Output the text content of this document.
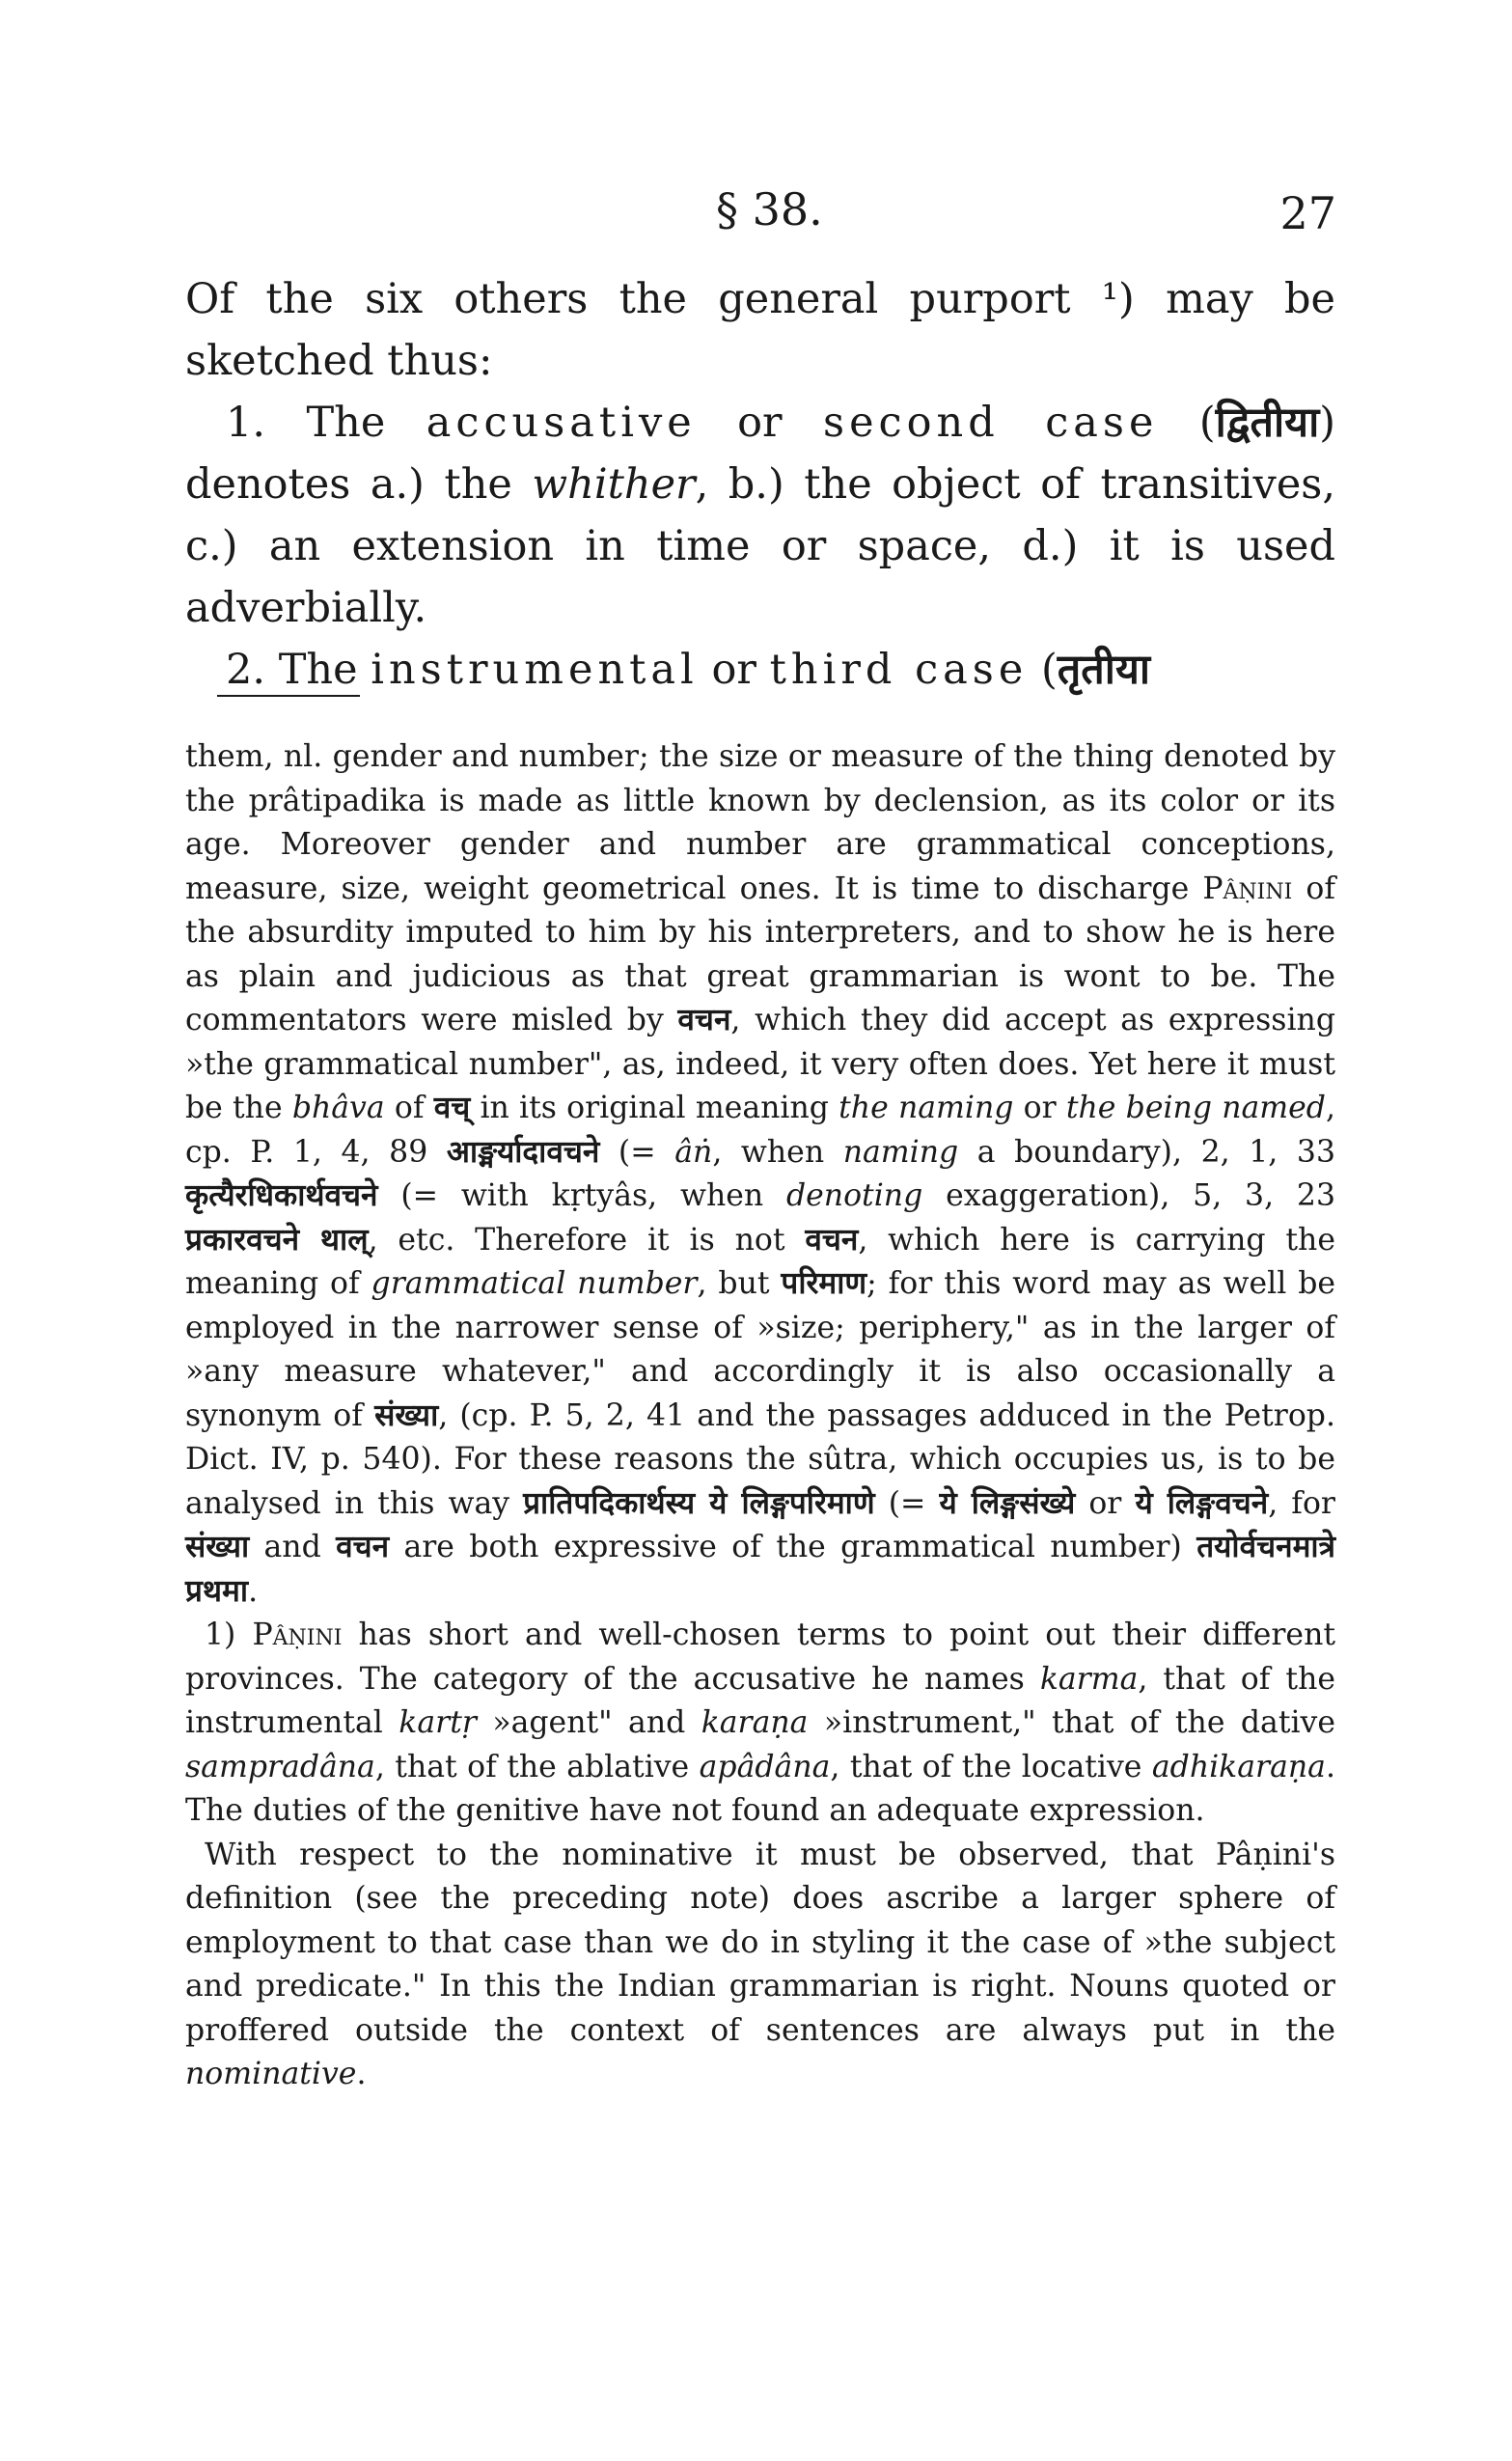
§ 38.	27

Of the six others the general purport ¹) may be sketched thus:

1. The accusative or second case (द्वितीया) denotes a.) the whither, b.) the object of transitives, c.) an extension in time or space, d.) it is used adverbially.

2. The instrumental or third case (तृतीया

them, nl. gender and number; the size or measure of the thing denoted by the prâtipadika is made as little known by declension, as its color or its age. Moreover gender and number are grammatical conceptions, measure, size, weight geometrical ones. It is time to discharge Pâṇini of the absurdity imputed to him by his interpreters, and to show he is here as plain and judicious as that great grammarian is wont to be. The commentators were misled by वचन, which they did accept as expressing »the grammatical number", as, indeed, it very often does. Yet here it must be the bhâva of वच् in its original meaning the naming or the being named, cp. P. 1, 4, 89 आङ्मर्यादावचने (= âṅ, when naming a boundary), 2, 1, 33 कृत्यैरधिकार्थवचने (= with kṛtyâs, when denoting exaggeration), 5, 3, 23 प्रकारवचने थाल्, etc. Therefore it is not वचन, which here is carrying the meaning of grammatical number, but परिमाण; for this word may as well be employed in the narrower sense of »size; periphery," as in the larger of »any measure whatever," and accordingly it is also occasionally a synonym of संख्या, (cp. P. 5, 2, 41 and the passages adduced in the Petrop. Dict. IV, p. 540). For these reasons the sûtra, which occupies us, is to be analysed in this way प्रातिपदिकार्थस्य ये लिङ्गपरिमाणे (= ये लिङ्गसंख्ये or ये लिङ्गवचने, for संख्या and वचन are both expressive of the grammatical number) तयोर्वचनमात्रे प्रथमा.

1) Pâṇini has short and well-chosen terms to point out their different provinces. The category of the accusative he names karma, that of the instrumental kartṛ »agent" and karaṇa »instrument," that of the dative sampradâna, that of the ablative apâdâna, that of the locative adhikaraṇa. The duties of the genitive have not found an adequate expression.

With respect to the nominative it must be observed, that Pâṇini's definition (see the preceding note) does ascribe a larger sphere of employment to that case than we do in styling it the case of »the subject and predicate." In this the Indian grammarian is right. Nouns quoted or proffered outside the context of sentences are always put in the nominative.
